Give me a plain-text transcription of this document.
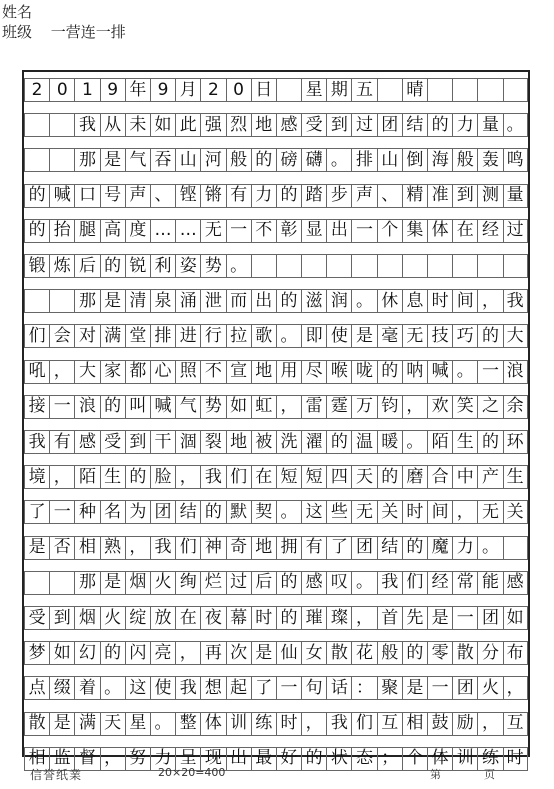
姓名
班级 一营连一排
2 0 1 9 年 9 月 2 0 日 星 期 五 晴
我 从 未 如 此 强 烈 地 感 受 到 过 团 结 的 力 量 。
那 是 气 吞 山 河 般 的 磅 礴 。 排 山 倒 海 般 轰 鸣
的 喊 口 号 声 、 铿 锵 有 力 的 踏 步 声 、 精 准 到 测 量
的 抬 腿 高 度 … … 无 一 不 彰 显 出 一 个 集 体 在 经 过
锻 炼 后 的 锐 利 姿 势 。
那 是 清 泉 涌 泄 而 出 的 滋 润 。 休 息 时 间 ， 我
们 会 对 满 堂 排 进 行 拉 歌 。 即 使 是 毫 无 技 巧 的 大
吼 ， 大 家 都 心 照 不 宣 地 用 尽 喉 咙 的 呐 喊 。 一 浪
接 一 浪 的 叫 喊 气 势 如 虹 ， 雷 霆 万 钧 ， 欢 笑 之 余
我 有 感 受 到 干 涸 裂 地 被 洗 濯 的 温 暖 。 陌 生 的 环
境 ， 陌 生 的 脸 ， 我 们 在 短 短 四 天 的 磨 合 中 产 生
了 一 种 名 为 团 结 的 默 契 。 这 些 无 关 时 间 ， 无 关
是 否 相 熟 ， 我 们 神 奇 地 拥 有 了 团 结 的 魔 力 。
那 是 烟 火 绚 烂 过 后 的 感 叹 。 我 们 经 常 能 感
受 到 烟 火 绽 放 在 夜 幕 时 的 璀 璨 ， 首 先 是 一 团 如
梦 如 幻 的 闪 亮 ， 再 次 是 仙 女 散 花 般 的 零 散 分 布
点 缀 着 。 这 使 我 想 起 了 一 句 话 ： 聚 是 一 团 火 ，
散 是 满 天 星 。 整 体 训 练 时 ， 我 们 互 相 鼓 励 ， 互
相 监 督 ， 努 力 呈 现 出 最 好 的 状 态 ； 个 体 训 练 时
信誉纸業	20×20=400	第	页
